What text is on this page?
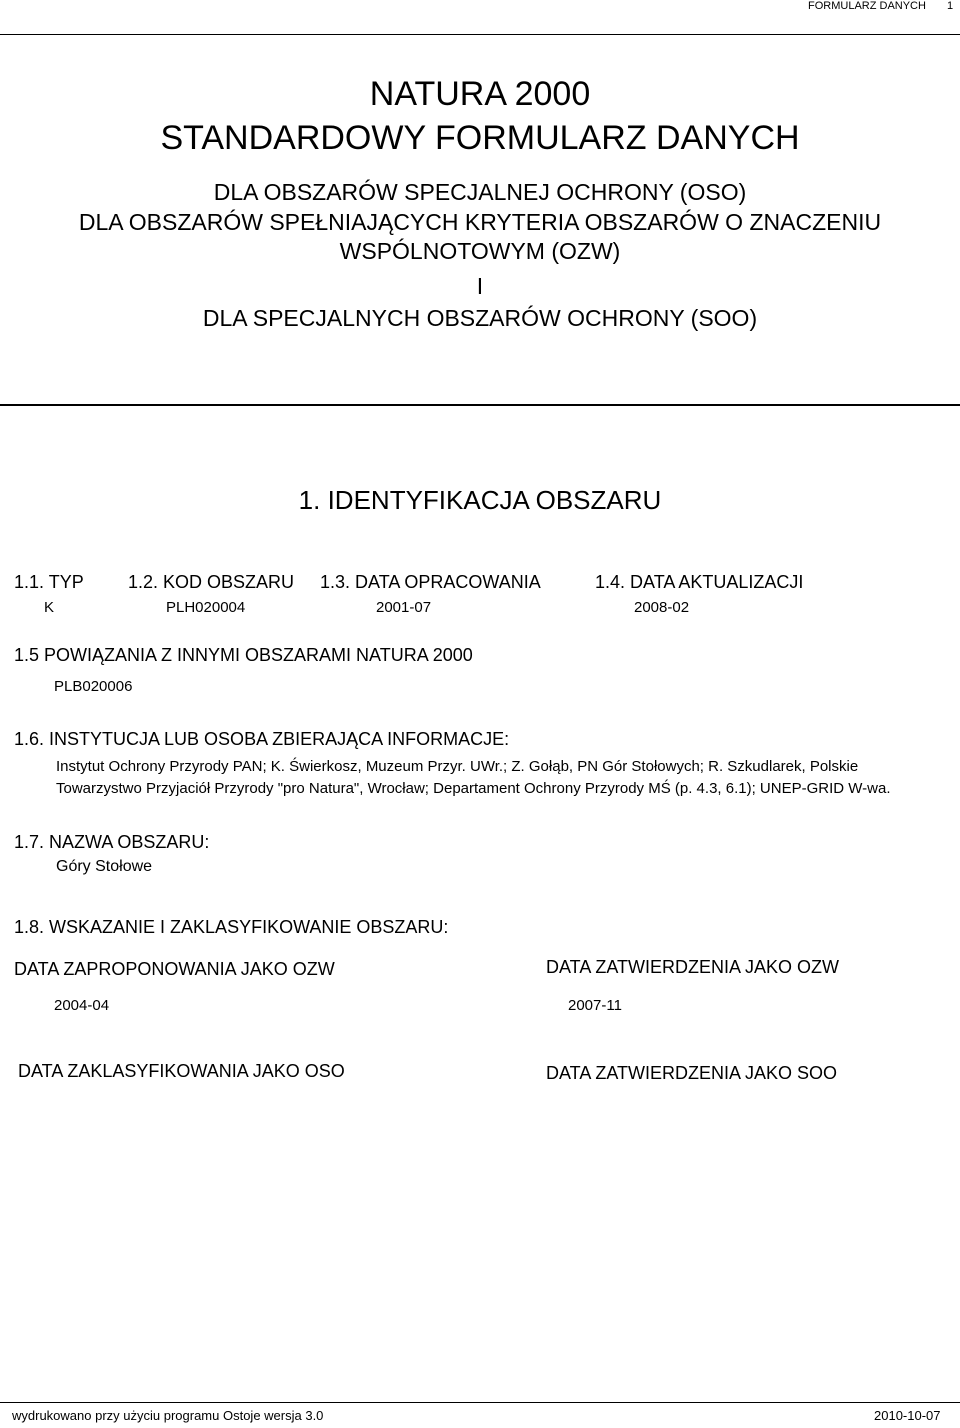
FORMULARZ DANYCH 1
NATURA 2000
STANDARDOWY FORMULARZ DANYCH
DLA OBSZARÓW SPECJALNEJ OCHRONY (OSO)
DLA OBSZARÓW SPEŁNIAJĄCYCH KRYTERIA OBSZARÓW O ZNACZENIU
WSPÓLNOTOWYM (OZW)
I
DLA SPECJALNYCH OBSZARÓW OCHRONY (SOO)
1. IDENTYFIKACJA OBSZARU
1.1. TYP 1.2. KOD OBSZARU 1.3. DATA OPRACOWANIA	1.4. DATA AKTUALIZACJI
K	PLH020004	2001-07	2008-02
1.5 POWIĄZANIA Z INNYMI OBSZARAMI NATURA 2000
PLB020006
1.6. INSTYTUCJA LUB OSOBA ZBIERAJĄCA INFORMACJE:
Instytut Ochrony Przyrody PAN; K. Świerkosz, Muzeum Przyr. UWr.; Z. Gołąb, PN Gór Stołowych; R. Szkudlarek, Polskie Towarzystwo Przyjaciół Przyrody "pro Natura", Wrocław; Departament Ochrony Przyrody MŚ (p. 4.3, 6.1); UNEP-GRID W-wa.
1.7. NAZWA OBSZARU:
Góry Stołowe
1.8. WSKAZANIE I ZAKLASYFIKOWANIE OBSZARU:
DATA ZAPROPONOWANIA JAKO OZW	DATA ZATWIERDZENIA JAKO OZW
2004-04	2007-11
DATA ZAKLASYFIKOWANIA JAKO OSO	DATA ZATWIERDZENIA JAKO SOO
wydrukowano przy użyciu programu Ostoje wersja 3.0	2010-10-07
